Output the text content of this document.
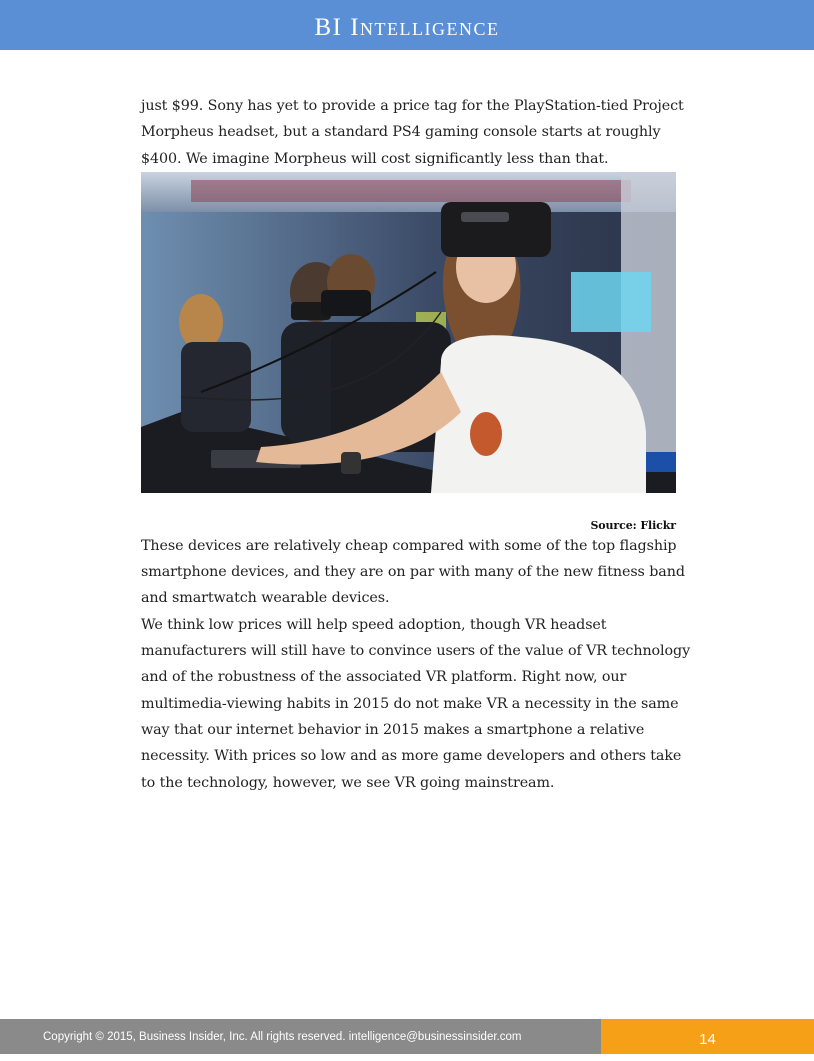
BI Intelligence

just $99. Sony has yet to provide a price tag for the PlayStation-tied Project Morpheus headset, but a standard PS4 gaming console starts at roughly $400. We imagine Morpheus will cost significantly less than that.

Source: Flickr

These devices are relatively cheap compared with some of the top flagship smartphone devices, and they are on par with many of the new fitness band and smartwatch wearable devices.

We think low prices will help speed adoption, though VR headset manufacturers will still have to convince users of the value of VR technology and of the robustness of the associated VR platform. Right now, our multimedia-viewing habits in 2015 do not make VR a necessity in the same way that our internet behavior in 2015 makes a smartphone a relative necessity. With prices so low and as more game developers and others take to the technology, however, we see VR going mainstream.

Copyright © 2015, Business Insider, Inc. All rights reserved. intelligence@businessinsider.com	14
